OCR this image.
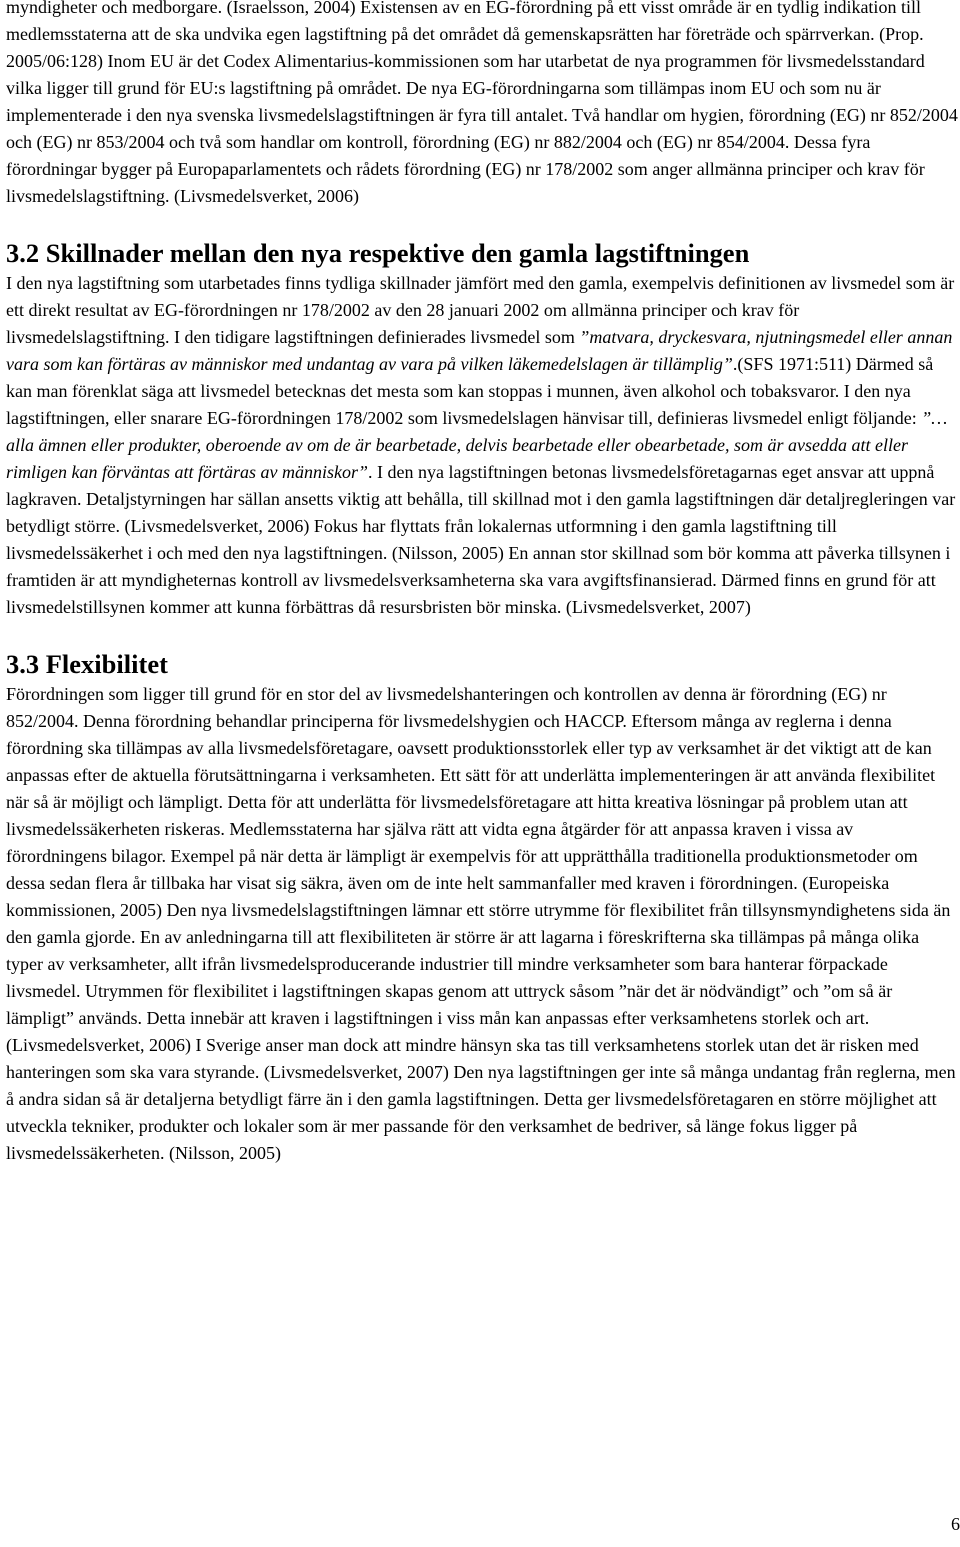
myndigheter och medborgare. (Israelsson, 2004) Existensen av en EG-förordning på ett visst område är en tydlig indikation till medlemsstaterna att de ska undvika egen lagstiftning på det området då gemenskapsrätten har företräde och spärrverkan. (Prop. 2005/06:128) Inom EU är det Codex Alimentarius-kommissionen som har utarbetat de nya programmen för livsmedelsstandard vilka ligger till grund för EU:s lagstiftning på området. De nya EG-förordningarna som tillämpas inom EU och som nu är implementerade i den nya svenska livsmedelslagstiftningen är fyra till antalet. Två handlar om hygien, förordning (EG) nr 852/2004 och (EG) nr 853/2004 och två som handlar om kontroll, förordning (EG) nr 882/2004 och (EG) nr 854/2004. Dessa fyra förordningar bygger på Europaparlamentets och rådets förordning (EG) nr 178/2002 som anger allmänna principer och krav för livsmedelslagstiftning. (Livsmedelsverket, 2006)

3.2 Skillnader mellan den nya respektive den gamla lagstiftningen

I den nya lagstiftning som utarbetades finns tydliga skillnader jämfört med den gamla, exempelvis definitionen av livsmedel som är ett direkt resultat av EG-förordningen nr 178/2002 av den 28 januari 2002 om allmänna principer och krav för livsmedelslagstiftning. I den tidigare lagstiftningen definierades livsmedel som ”matvara, dryckesvara, njutningsmedel eller annan vara som kan förtäras av människor med undantag av vara på vilken läkemedelslagen är tillämplig”.(SFS 1971:511) Därmed så kan man förenklat säga att livsmedel betecknas det mesta som kan stoppas i munnen, även alkohol och tobaksvaror. I den nya lagstiftningen, eller snarare EG-förordningen 178/2002 som livsmedelslagen hänvisar till, definieras livsmedel enligt följande: ”… alla ämnen eller produkter, oberoende av om de är bearbetade, delvis bearbetade eller obearbetade, som är avsedda att eller rimligen kan förväntas att förtäras av människor”. I den nya lagstiftningen betonas livsmedelsföretagarnas eget ansvar att uppnå lagkraven. Detaljstyrningen har sällan ansetts viktig att behålla, till skillnad mot i den gamla lagstiftningen där detaljregleringen var betydligt större. (Livsmedelsverket, 2006) Fokus har flyttats från lokalernas utformning i den gamla lagstiftning till livsmedelssäkerhet i och med den nya lagstiftningen. (Nilsson, 2005) En annan stor skillnad som bör komma att påverka tillsynen i framtiden är att myndigheternas kontroll av livsmedelsverksamheterna ska vara avgiftsfinansierad. Därmed finns en grund för att livsmedelstillsynen kommer att kunna förbättras då resursbristen bör minska. (Livsmedelsverket, 2007)

3.3 Flexibilitet

Förordningen som ligger till grund för en stor del av livsmedelshanteringen och kontrollen av denna är förordning (EG) nr 852/2004. Denna förordning behandlar principerna för livsmedelshygien och HACCP. Eftersom många av reglerna i denna förordning ska tillämpas av alla livsmedelsföretagare, oavsett produktionsstorlek eller typ av verksamhet är det viktigt att de kan anpassas efter de aktuella förutsättningarna i verksamheten. Ett sätt för att underlätta implementeringen är att använda flexibilitet när så är möjligt och lämpligt. Detta för att underlätta för livsmedelsföretagare att hitta kreativa lösningar på problem utan att livsmedelssäkerheten riskeras. Medlemsstaterna har själva rätt att vidta egna åtgärder för att anpassa kraven i vissa av förordningens bilagor. Exempel på när detta är lämpligt är exempelvis för att upprätthålla traditionella produktionsmetoder om dessa sedan flera år tillbaka har visat sig säkra, även om de inte helt sammanfaller med kraven i förordningen. (Europeiska kommissionen, 2005) Den nya livsmedelslagstiftningen lämnar ett större utrymme för flexibilitet från tillsynsmyndighetens sida än den gamla gjorde. En av anledningarna till att flexibiliteten är större är att lagarna i föreskrifterna ska tillämpas på många olika typer av verksamheter, allt ifrån livsmedelsproducerande industrier till mindre verksamheter som bara hanterar förpackade livsmedel. Utrymmen för flexibilitet i lagstiftningen skapas genom att uttryck såsom ”när det är nödvändigt” och ”om så är lämpligt” används. Detta innebär att kraven i lagstiftningen i viss mån kan anpassas efter verksamhetens storlek och art. (Livsmedelsverket, 2006) I Sverige anser man dock att mindre hänsyn ska tas till verksamhetens storlek utan det är risken med hanteringen som ska vara styrande. (Livsmedelsverket, 2007) Den nya lagstiftningen ger inte så många undantag från reglerna, men å andra sidan så är detaljerna betydligt färre än i den gamla lagstiftningen. Detta ger livsmedelsföretagaren en större möjlighet att utveckla tekniker, produkter och lokaler som är mer passande för den verksamhet de bedriver, så länge fokus ligger på livsmedelssäkerheten. (Nilsson, 2005)

6
